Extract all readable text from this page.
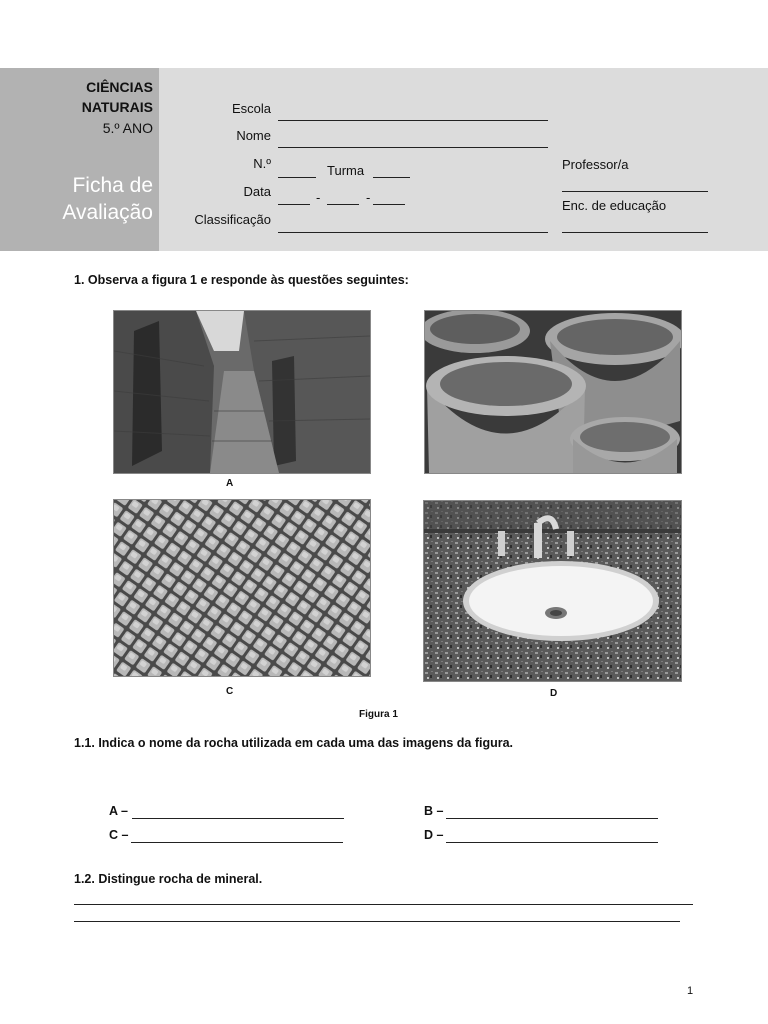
CIÊNCIAS
NATURAIS
5.º ANO
Ficha de
Avaliação
Escola
Nome
N.º	Turma
Data	-	-
Classificação
Professor/a
Enc. de educação
1. Observa a figura 1 e responde às questões seguintes:
A
C	D
Figura 1
1.1. Indica o nome da rocha utilizada em cada uma das imagens da figura.
A –	B –
C –	D –
1.2. Distingue rocha de mineral.
1
